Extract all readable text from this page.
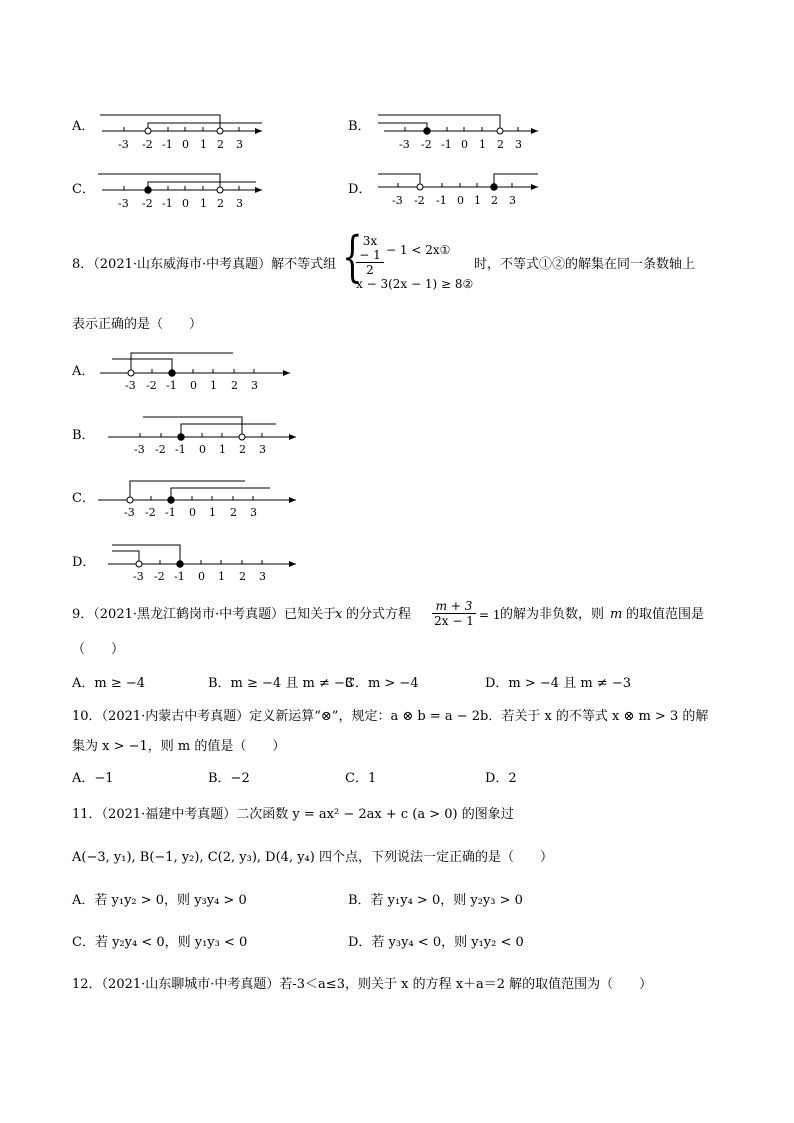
A．
-3 -2 -1 0 1 2 3
B．
-3 -2 -1 0 1 2 3
C．
-3 -2 -1 0 1 2 3
D．
-3 -2 -1 0 1 2 3
8．（2021·山东威海市·中考真题）解不等式组 {
$\frac{3x - 1}{2} - 1$ < 2x①
x − 3(2x − 1) ≥ 8②
时，不等式①②的解集在同一条数轴上
表示正确的是（　　）
A．
-3 -2 -1 0 1 2 3
B．
-3 -2 -1 0 1 2 3
C．
-3 -2 -1 0 1 2 3
D．
-3 -2 -1 0 1 2 3
9．（2021·黑龙江鹤岗市·中考真题）已知关于
x 的分式方程 $\frac{m + 3}{2x - 1} = 1$ 的解为非负数，则 m 的取值范围是
（　　）
A．m ≥ −4	B．m ≥ −4 且 m ≠ −3
C．m > −4	D．m > −4 且 m ≠ −3
10．（2021·内蒙古中考真题）定义新运算“⊗”，规定：a ⊗ b = a − 2b．若关于 x 的不等式 x ⊗ m > 3 的解
集为 x > −1，则 m 的值是（　　）
A．−1	B．−2	C．1	D．2
11．（2021·福建中考真题）二次函数 y = ax² − 2ax + c (a > 0) 的图象过
A(−3, y₁), B(−1, y₂), C(2, y₃), D(4, y₄) 四个点，下列说法一定正确的是（　　）
A．若 y₁y₂ > 0，则 y₃y₄ > 0	B．若 y₁y₄ > 0，则 y₂y₃ > 0
C．若 y₂y₄ < 0，则 y₁y₃ < 0	D．若 y₃y₄ < 0，则 y₁y₂ < 0
12．（2021·山东聊城市·中考真题）若-3＜a≤3，则关于 x 的方程 x＋a＝2 解的取值范围为（　　）
